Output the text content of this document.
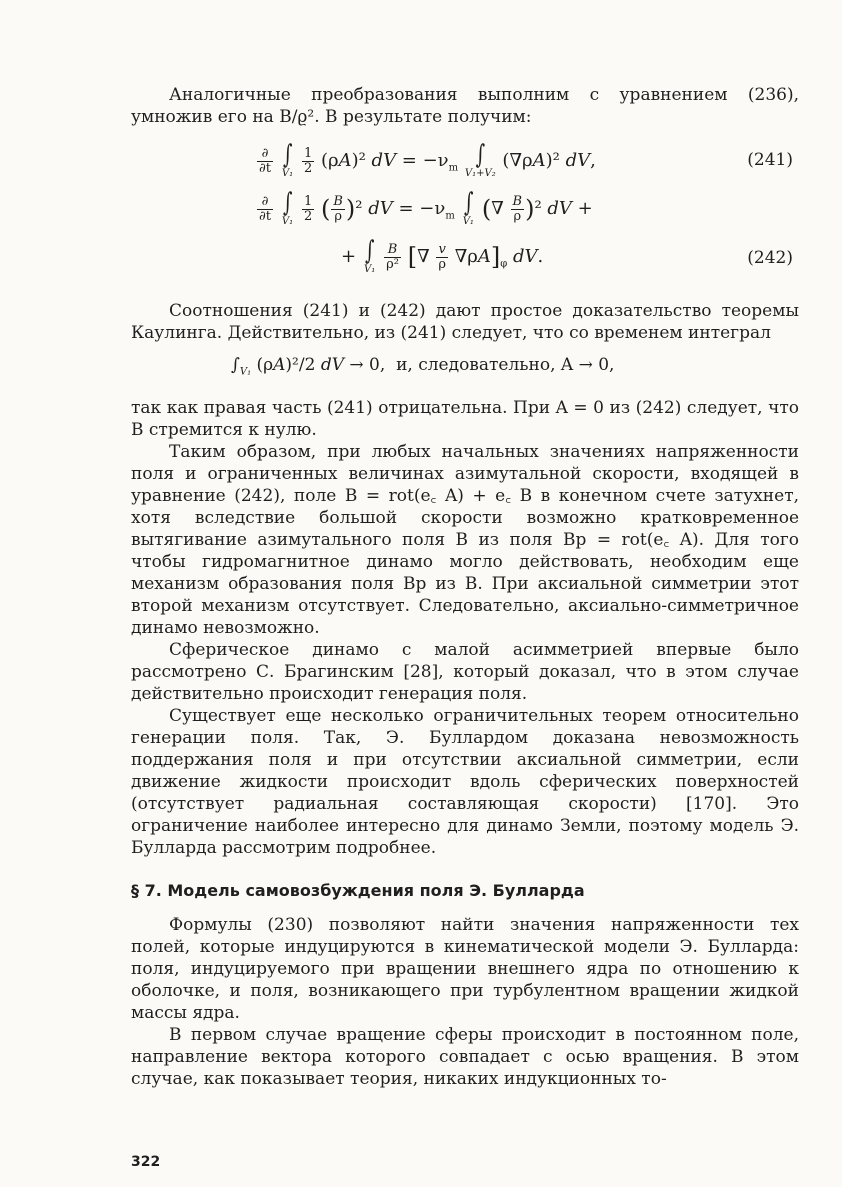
Аналогичные преобразования выполним с уравнением (236), умножив его на B/ϱ². В результате получим:

$\frac{\partial}{\partial t}$
∫
V₁
$\frac{1}{2} (\rho A)^2$ dV = $-\nu_m$ ∫
V₁+V₂
(∇ρA)² dV,	(241)
$\frac{\partial}{\partial t}$
∫
V₁
$\frac{1}{2}$ ( $\frac{B}{\rho} )^2$ dV = $-\nu_m$ ∫
V₁ (∇ $\frac{B}{\rho} )^2$ dV +
+ ∫
V₁
$\frac{B}{\text{ρ²}}$ [∇ $\frac{v}{\rho} \nabla\rho A]_\varphi$ dV.	(242)

Соотношения (241) и (242) дают простое доказательство теоремы Каулинга. Действительно, из (241) следует, что со временем интеграл

$\int_{V_1}$ (ρA)²/2 dV → 0,  и, следовательно, A → 0,

так как правая часть (241) отрицательна. При A = 0 из (242) следует, что B стремится к нулю.

Таким образом, при любых начальных значениях напряженности поля и ограниченных величинах азимутальной скорости, входящей в уравнение (242), поле B = rot(e꜀ A) + e꜀ B в конечном счете затухнет, хотя вследствие большой скорости возможно кратковременное вытягивание азимутального поля B из поля Bp = rot(e꜀ A). Для того чтобы гидромагнитное динамо могло действовать, необходим еще механизм образования поля Bp из B. При аксиальной симметрии этот второй механизм отсутствует. Следовательно, аксиально-симметричное динамо невозможно.

Сферическое динамо с малой асимметрией впервые было рассмотрено С. Брагинским [28], который доказал, что в этом случае действительно происходит генерация поля.

Существует еще несколько ограничительных теорем относительно генерации поля. Так, Э. Буллардом доказана невозможность поддержания поля и при отсутствии аксиальной симметрии, если движение жидкости происходит вдоль сферических поверхностей (отсутствует радиальная составляющая скорости) [170]. Это ограничение наиболее интересно для динамо Земли, поэтому модель Э. Булларда рассмотрим подробнее.

§ 7. Модель самовозбуждения поля Э. Булларда

Формулы (230) позволяют найти значения напряженности тех полей, которые индуцируются в кинематической модели Э. Булларда: поля, индуцируемого при вращении внешнего ядра по отношению к оболочке, и поля, возникающего при турбулентном вращении жидкой массы ядра.

В первом случае вращение сферы происходит в постоянном поле, направление вектора которого совпадает с осью вращения. В этом случае, как показывает теория, никаких индукционных то-

322
